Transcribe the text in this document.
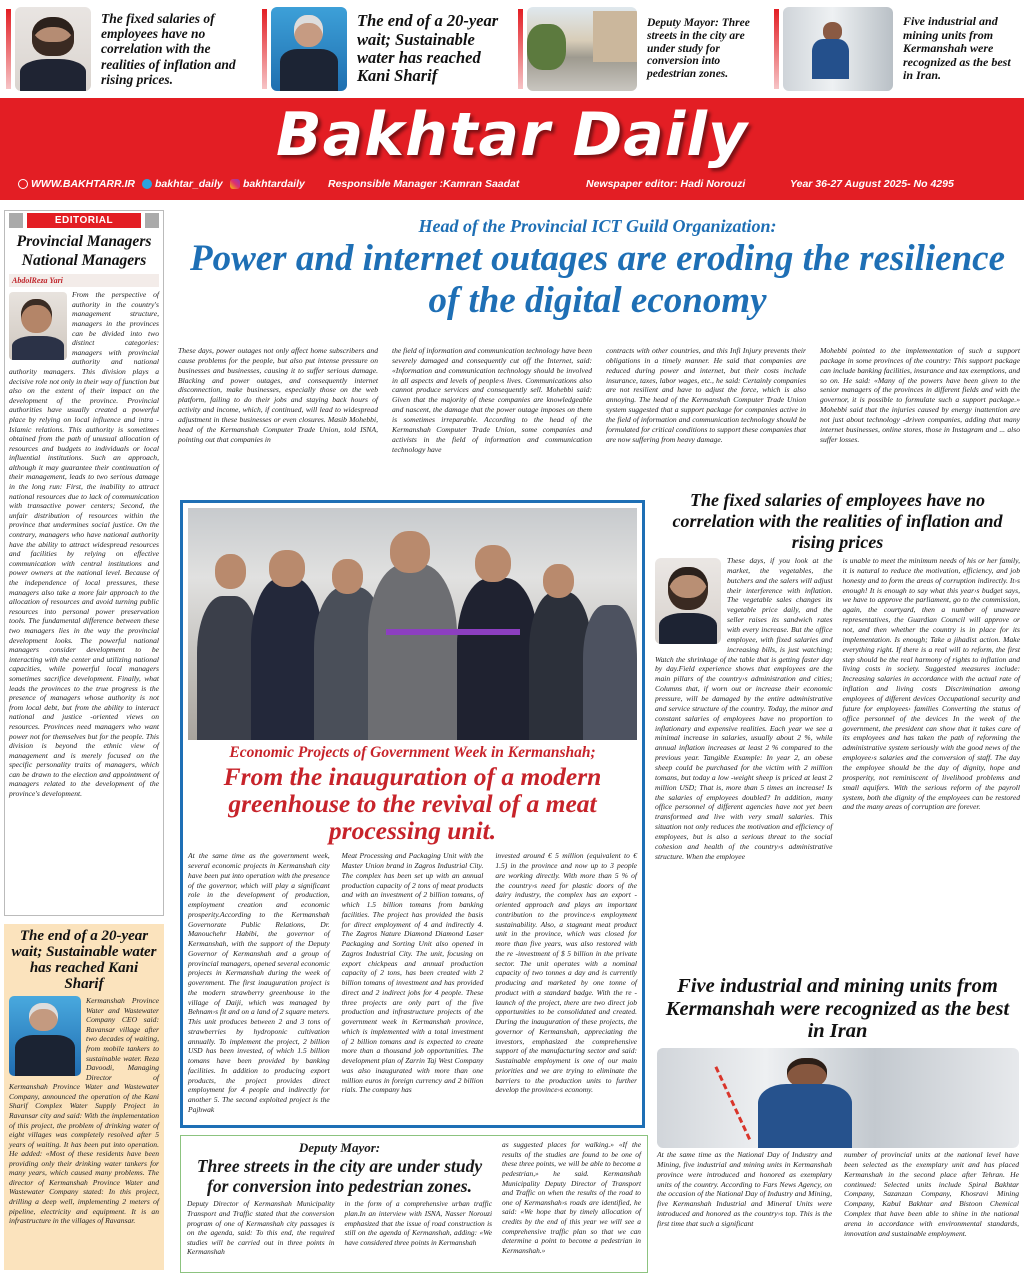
The fixed salaries of employees have no correlation with the realities of inflation and rising prices.
The end of a 20-year wait; Sustainable water has reached Kani Sharif
Deputy Mayor: Three streets in the city are under study for conversion into pedestrian zones.
Five industrial and mining units from Kermanshah were recognized as the best in Iran.
Bakhtar Daily
WWW.BAKHTARR.IR bakhtar_daily bakhtardaily Responsible Manager :Kamran Saadat	Newspaper editor: Hadi Norouzi	Year 36-27 August 2025- No 4295
EDITORIAL
Provincial Managers National Managers
AbdolReza Yari
From the perspective of authority in the country's management structure, managers in the provinces can be divided into two distinct categories: managers with provincial authority and national authority managers. This division plays a decisive role not only in their way of function but also on the extent of their impact on the development of the province. Provincial authorities have usually created a powerful place by relying on local influence and intra -Islamic relations. This authority is sometimes obtained from the path of unusual allocation of resources and budgets to individuals or local influential institutions. Such an approach, although it may guarantee their continuation of their management, leads to two serious damage in the long run: First, the inability to attract national resources due to lack of communication with transactive power centers; Second, the unfair distribution of resources within the province that undermines social justice. On the contrary, managers who have national authority have the ability to attract widespread resources and facilities by relying on effective communication with central institutions and power owners at the national level. Because of the independence of local pressures, these managers also take a more fair approach to the allocation of resources and avoid turning public resources into personal power preservation tools. The fundamental difference between these two managers lies in the way the provincial development looks. The powerful national managers consider development to be interacting with the center and utilizing national capacities, while powerful local managers sometimes sacrifice development. Finally, what leads the provinces to the true progress is the presence of managers whose authority is not from local debt, but from the ability to interact national and justice -oriented views on resources. Provinces need managers who want power not for themselves but for the people. This division is beyond the ethnic view of management and is merely focused on the specific personality traits of managers, which can be drawn to the election and appointment of managers related to the development of the province's development.
The end of a 20-year wait; Sustainable water has reached Kani Sharif
Kermanshah Province Water and Wastewater Company CEO said: Ravansar village after two decades of waiting, from mobile tankers to sustainable water. Reza Davoodi, Managing Director of Kermanshah Province Water and Wastewater Company, announced the operation of the Kani Sharif Complex Water Supply Project in Ravansar city and said: With the implementation of this project, the problem of drinking water of eight villages was completely resolved after 5 years of waiting. It has been put into operation. He added: «Most of these residents have been providing only their drinking water tankers for many years, which caused many problems. The director of Kermanshah Province Water and Wastewater Company stated: In this project, drilling a deep well, implementing 2 meters of pipeline, electricity and equipment. It is an infrastructure in the villages of Ravansar.
Head of the Provincial ICT Guild Organization:
Power and internet outages are eroding the resilience of the digital economy
These days, power outages not only affect home subscribers and cause problems for the people, but also put intense pressure on businesses and businesses, causing it to suffer serious damage. Blacking and power outages, and consequently internet disconnection, make businesses, especially those on the web platform, failing to do their jobs and staying back hours of activity and income, which, if continued, will lead to widespread adjustment in these businesses or even closures. Masib Mohebbi, head of the Kermanshah Computer Trade Union, told ISNA, pointing out that companies in
the field of information and communication technology have been severely damaged and consequently cut off the Internet, said: «Information and communication technology should be involved in all aspects and levels of people›s lives. Communications also cannot produce services and consequently sell. Mohebbi said: Given that the majority of these companies are knowledgeable and nascent, the damage that the power outage imposes on them is sometimes irreparable. According to the head of the Kermanshah Computer Trade Union, some companies and activists in the field of information and communication technology have
contracts with other countries, and this Infi Injury prevents their obligations in a timely manner. He said that companies are reduced during power and internet, but their costs include insurance, taxes, labor wages, etc., he said: Certainly companies are not resilient and have to adjust the force, which is also annoying. The head of the Kermanshah Computer Trade Union system suggested that a support package for companies active in the field of information and communication technology should be formulated for critical conditions to support these companies that are now suffering from heavy damage.
Mohebbi pointed to the implementation of such a support package in some provinces of the country: This support package can include banking facilities, insurance and tax exemptions, and so on. He said: «Many of the powers have been given to the senior managers of the provinces in different fields and with the governor, it is possible to formulate such a support package.» Mohebbi said that the injuries caused by energy inattention are not just about technology -driven companies, adding that many internet businesses, online stores, those in Instagram and ... also suffer losses.
Economic Projects of Government Week in Kermanshah;
From the inauguration of a modern greenhouse to the revival of a meat processing unit.
At the same time as the government week, several economic projects in Kermanshah city have been put into operation with the presence of the governor, which will play a significant role in the development of production, employment creation and economic prosperity.According to the Kermanshah Governorate Public Relations, Dr. Manouchehr Habibi, the governor of Kermanshah, with the support of the Deputy Governor of Kermanshah and a group of provincial managers, opened several economic projects in Kermanshah during the week of government. The first inauguration project is the modern strawberry greenhouse in the village of Daiji, which was managed by Behnam›s fit and on a land of 2 square meters. This unit produces between 2 and 3 tons of strawberries by hydroponic cultivation annually. To implement the project, 2 billion USD has been invested, of which 1.5 billion tomans have been provided by banking facilities. In addition to producing export products, the project provides direct employment for 4 people and indirectly for another 5. The second exploited project is the Pajhwak
Meat Processing and Packaging Unit with the Master Union brand in Zagros Industrial City. The complex has been set up with an annual production capacity of 2 tons of meat products and with an investment of 2 billion tomans, of which 1.5 billion tomans from banking facilities. The project has provided the basis for direct employment of 4 and indirectly 4. The Zagros Nature Diamond Diamond Laser Packaging and Sorting Unit also opened in Zagros Industrial City. The unit, focusing on export chickpeas and annual production capacity of 2 tons, has been created with 2 billion tomans of investment and has provided direct and 2 indirect jobs for 4 people. These three projects are only part of the five production and infrastructure projects of the government week in Kermanshah province, which is implemented with a total investment of 2 billion tomans and is expected to create more than a thousand job opportunities. The development plan of Zarrin Taj West Company was also inaugurated with more than one million euros in foreign currency and 2 billion rials. The company has
invested around € 5 million (equivalent to € 1.5) in the province and now up to 3 people are working directly. With more than 5 % of the country›s need for plastic doors of the dairy industry, the complex has an export -oriented approach and plays an important contribution to the province›s employment sustainability. Also, a stagnant meat product unit in the province, which was closed for more than five years, was also restored with the re -investment of $ 5 billion in the private sector. The unit operates with a nominal capacity of two tonnes a day and is currently producing and marketed by one tonne of product with a standard badge. With the re -launch of the project, there are two direct job opportunities to be consolidated and created. During the inauguration of these projects, the governor of Kermanshah, appreciating the investors, emphasized the comprehensive support of the manufacturing sector and said: Sustainable employment is one of our main priorities and we are trying to eliminate the barriers to the production units to further develop the province›s economy.
Deputy Mayor:
Three streets in the city are under study for conversion into pedestrian zones.
Deputy Director of Kermanshah Municipality Transport and Traffic stated that the conversion program of one of Kermanshah city passages is on the agenda, said: To this end, the required studies will be carried out in three points in Kermanshah
in the form of a comprehensive urban traffic plan.In an interview with ISNA, Nasser Norouzi emphasized that the issue of road construction is still on the agenda of Kermanshah, adding: «We have considered three points in Kermanshah
as suggested places for walking.» «If the results of the studies are found to be one of these three points, we will be able to become a pedestrian,» he said. Kermanshah Municipality Deputy Director of Transport and Traffic on when the results of the road to one of Kermanshah›s roads are identified, he said: «We hope that by timely allocation of credits by the end of this year we will see a comprehensive traffic plan so that we can determine a point to become a pedestrian in Kermanshah.»
The fixed salaries of employees have no correlation with the realities of inflation and rising prices
These days, if you look at the market, the vegetables, the butchers and the salers will adjust their interference with inflation. The vegetable sales changes its vegetable price daily, and the seller raises its sandwich rates with every increase. But the office employee, with fixed salaries and increasing bills, is just watching; Watch the shrinkage of the table that is getting faster day by day.Field experience shows that employees are the main pillars of the country›s administration and cities; Columns that, if worn out or increase their economic pressure, will be damaged by the entire administrative and service structure of the country. Today, the minor and constant salaries of employees have no proportion to inflationary and expensive realities. Each year we see a minimal increase in salaries, usually about 2 %, while annual inflation increases at least 2 % compared to the previous year. Tangible Example: In year 2, an obese sheep could be purchased for the victim with 2 million tomans, but today a low -weight sheep is priced at least 2 million USD; That is, more than 5 times an increase! Is the salaries of employees doubled? In addition, many office personnel of different agencies have not yet been transformed and live with very small salaries. This situation not only reduces the motivation and efficiency of employees, but is also a serious threat to the social cohesion and health of the country›s administrative structure. When the employee
is unable to meet the minimum needs of his or her family, it is natural to reduce the motivation, efficiency, and job honesty and to form the areas of corruption indirectly. It›s enough! It is enough to say what this year›s budget says, we have to approve the parliament, go to the commission, again, the courtyard, then a number of unaware representatives, the Guardian Council will approve or not, and then whether the country is in place for its implementation. Is enough; Take a jihadist action. Make everything right. If there is a real will to reform, the first step should be the real harmony of rights to inflation and living costs in society. Suggested measures include: Increasing salaries in accordance with the actual rate of inflation and living costs Discrimination among employees of different devices Occupational security and future for employees› families Converting the status of office personnel of the devices In the week of the government, the president can show that it takes care of its employees and has taken the path of reforming the administrative system seriously with the good news of the employee›s salaries and the conversion of staff. The day the employee should be the day of dignity, hope and prosperity, not reminiscent of livelihood problems and small aquifers. With the serious reform of the payroll system, both the dignity of the employees can be restored and the many areas of corruption are forever.
Five industrial and mining units from Kermanshah were recognized as the best in Iran
At the same time as the National Day of Industry and Mining, five industrial and mining units in Kermanshah province were introduced and honored as exemplary units of the country. According to Fars News Agency, on the occasion of the National Day of Industry and Mining, five Kermanshah Industrial and Mineral Units were introduced and honored as the country›s top. This is the first time that such a significant
number of provincial units at the national level have been selected as the exemplary unit and has placed Kermanshah in the second place after Tehran. He continued: Selected units include Spiral Bakhtar Company, Sazanzan Company, Khosravi Mining Company, Kabul Bakhtar and Bistoon Chemical Complex that have been able to shine in the national arena in accordance with environmental standards, innovation and sustainable employment.
